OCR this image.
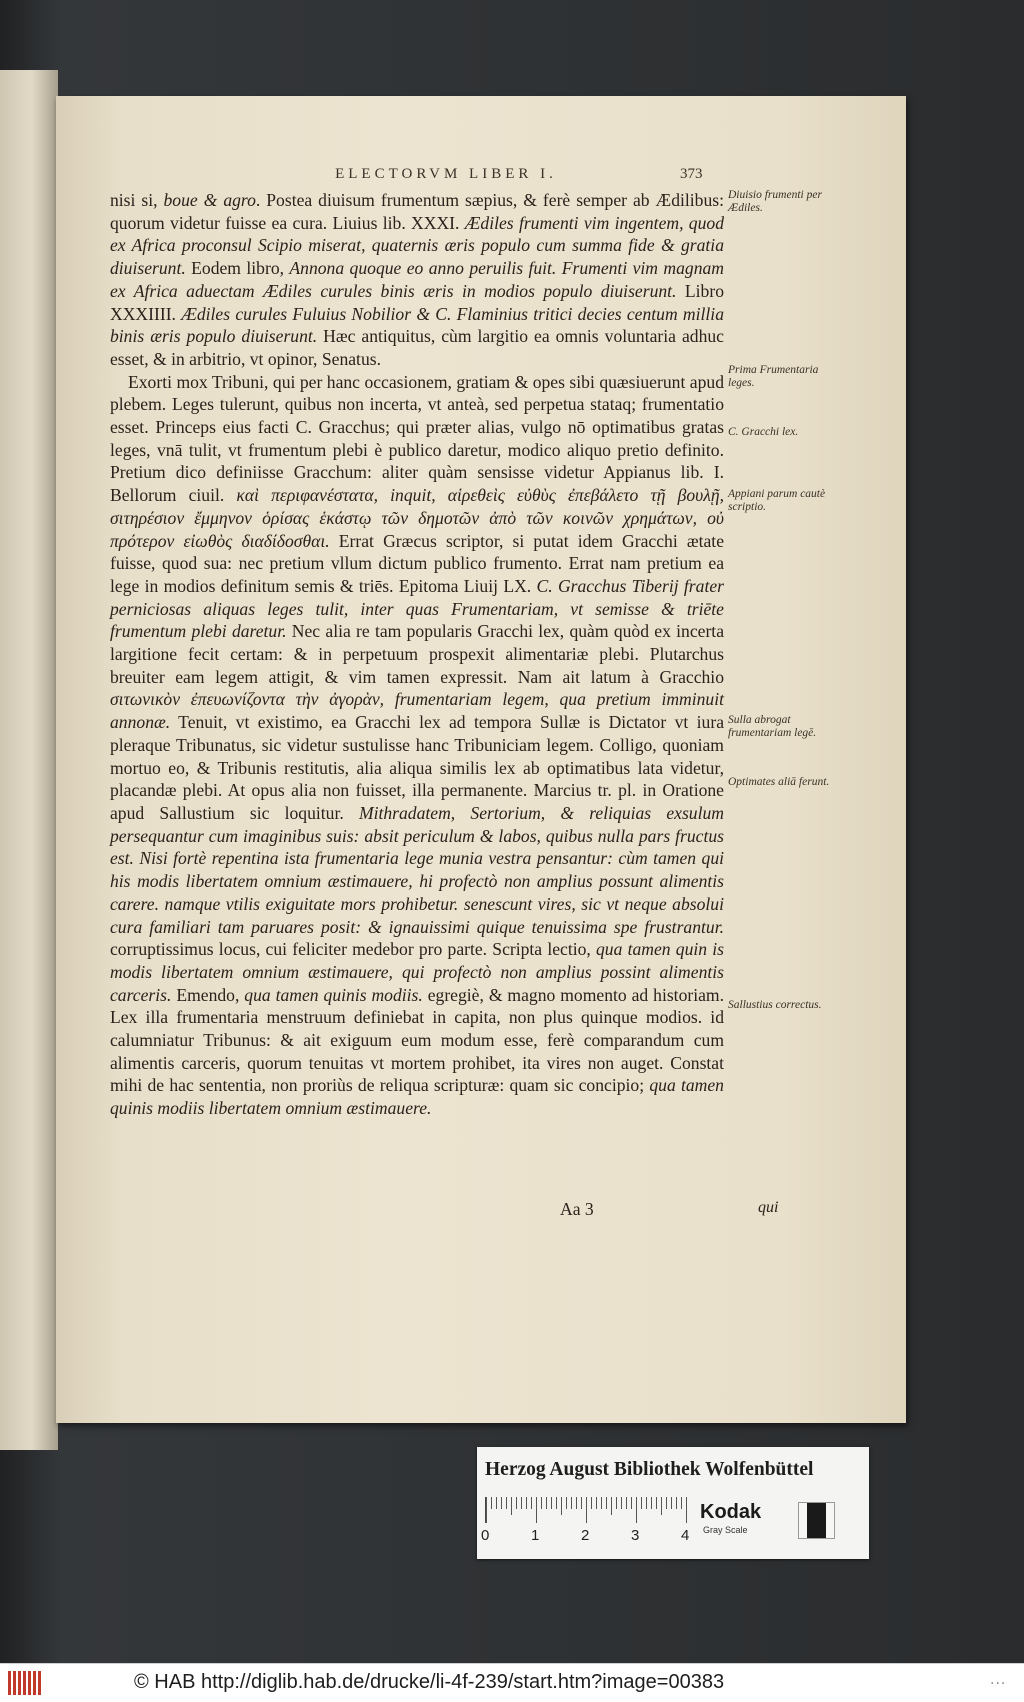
ELECTORVM LIBER I.	373

nisi si, boue & agro. Postea diuisum frumentum sæpius, & ferè semper ab Ædilibus: quorum videtur fuisse ea cura. Liuius lib. XXXI. Ædiles frumenti vim ingentem, quod ex Africa proconsul Scipio miserat, quaternis æris populo cum summa fide & gratia diuiserunt. Eodem libro, Annona quoque eo anno peruilis fuit. Frumenti vim magnam ex Africa aduectam Ædiles curules binis æris in modios populo diuiserunt. Libro XXXIIII. Ædiles curules Fuluius Nobilior & C. Flaminius tritici decies centum millia binis æris populo diuiserunt. Hæc antiquitus, cùm largitio ea omnis voluntaria adhuc esset, & in arbitrio, vt opinor, Senatus.

Exorti mox Tribuni, qui per hanc occasionem, gratiam & opes sibi quæsiuerunt apud plebem. Leges tulerunt, quibus non incerta, vt anteà, sed perpetua stataq; frumentatio esset. Princeps eius facti C. Gracchus; qui præter alias, vulgo nō optimatibus gratas leges, vnā tulit, vt frumentum plebi è publico daretur, modico aliquo pretio definito. Pretium dico definiisse Gracchum: aliter quàm sensisse videtur Appianus lib. I. Bellorum ciuil. καὶ περιφανέστατα, inquit, αἱρεθεὶς εὐθὺς ἐπεβάλετο τῇ βουλῇ, σιτηρέσιον ἔμμηνον ὁρίσας ἑκάστῳ τῶν δημοτῶν ἀπὸ τῶν κοινῶν χρημάτων, οὐ πρότερον εἰωθὸς διαδίδοσθαι. Errat Græcus scriptor, si putat idem Gracchi ætate fuisse, quod sua: nec pretium vllum dictum publico frumento. Errat nam pretium ea lege in modios definitum semis & triēs. Epitoma Liuij LX. C. Gracchus Tiberij frater perniciosas aliquas leges tulit, inter quas Frumentariam, vt semisse & triēte frumentum plebi daretur. Nec alia re tam popularis Gracchi lex, quàm quòd ex incerta largitione fecit certam: & in perpetuum prospexit alimentariæ plebi. Plutarchus breuiter eam legem attigit, & vim tamen expressit. Nam ait latum à Gracchio σιτωνικὸν ἐπευωνίζοντα τὴν ἀγορὰν, frumentariam legem, qua pretium imminuit annonæ. Tenuit, vt existimo, ea Gracchi lex ad tempora Sullæ is Dictator vt iura pleraque Tribunatus, sic videtur sustulisse hanc Tribuniciam legem. Colligo, quoniam mortuo eo, & Tribunis restitutis, alia aliqua similis lex ab optimatibus lata videtur, placandæ plebi. At opus alia non fuisset, illa permanente. Marcius tr. pl. in Oratione apud Sallustium sic loquitur. Mithradatem, Sertorium, & reliquias exsulum persequantur cum imaginibus suis: absit periculum & labos, quibus nulla pars fructus est. Nisi fortè repentina ista frumentaria lege munia vestra pensantur: cùm tamen qui his modis libertatem omnium æstimauere, hi profectò non amplius possunt alimentis carere. namque vtilis exiguitate mors prohibetur. senescunt vires, sic vt neque absolui cura familiari tam paruares posit: & ignauissimi quique tenuissima spe frustrantur. corruptissimus locus, cui feliciter medebor pro parte. Scripta lectio, qua tamen quin is modis libertatem omnium æstimauere, qui profectò non amplius possint alimentis carceris. Emendo, qua tamen quinis modiis. egregiè, & magno momento ad historiam. Lex illa frumentaria menstruum definiebat in capita, non plus quinque modios. id calumniatur Tribunus: & ait exiguum eum modum esse, ferè comparandum cum alimentis carceris, quorum tenuitas vt mortem prohibet, ita vires non auget. Constat mihi de hac sententia, non proriùs de reliqua scripturæ: quam sic concipio; qua tamen quinis modiis libertatem omnium æstimauere.

Diuisio frumenti per Ædiles.
Prima Frumentaria leges.
C. Gracchi lex.
Appiani parum cautè scriptio.
Sulla abrogat frumentariam legē.
Optimates aliā ferunt.
Sallustius correctus.
Aa 3	qui
Herzog August Bibliothek Wolfenbüttel
0	1	2	3	4
Kodak
Gray Scale
© HAB http://diglib.hab.de/drucke/li-4f-239/start.htm?image=00383	...
